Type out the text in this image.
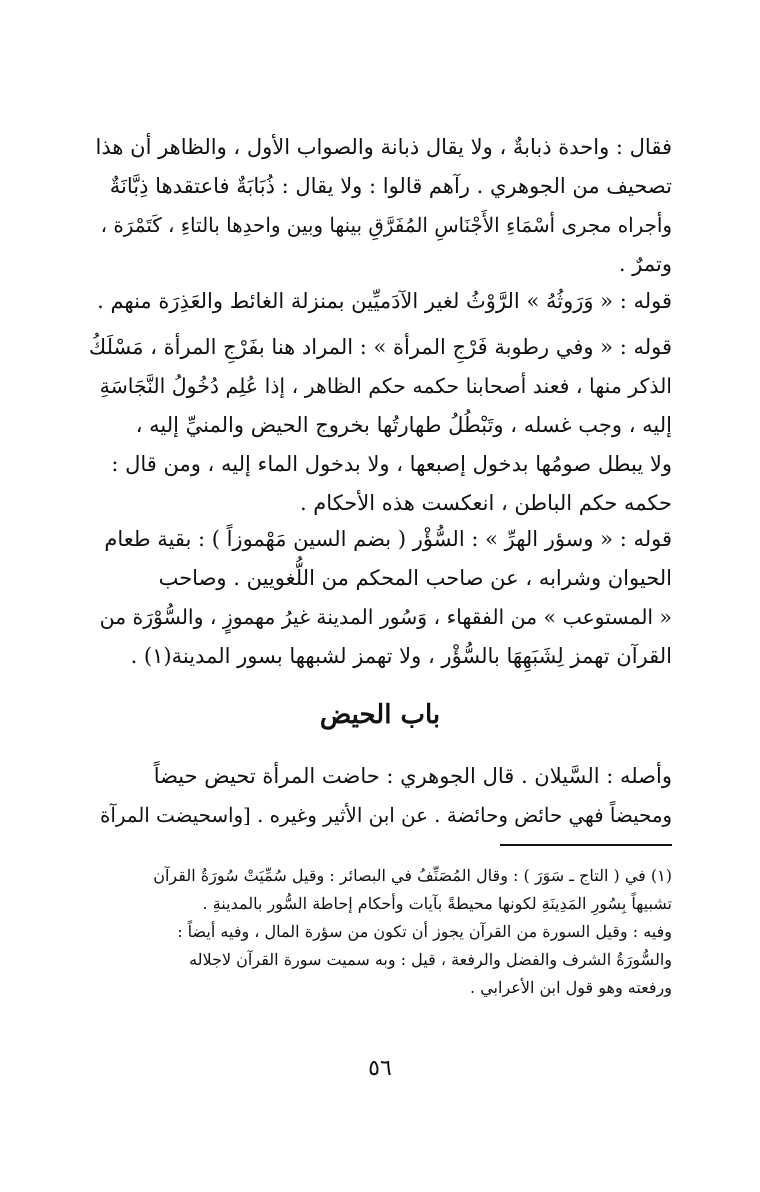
فقال : واحدة ذبابةٌ ، ولا يقال ذبانة والصواب الأول ، والظاهر أن هذا
تصحيف من الجوهري . رآهم قالوا : ولا يقال : ذُبَابَةٌ فاعتقدها ذِبَّانَةٌ
وأجراه مجرى أسْمَاءِ الأَجْنَاسِ المُفَرَّقِ بينها وبين واحدِها بالتاءِ ، كَتَمْرَة ،
وتمرٌ .
قوله : « وَرَوثُهُ » الرَّوْثُ لغير الآدَميِّين بمنزلة الغائط والعَذِرَة منهم .
قوله : « وفي رطوبة فَرْجِ المرأة » : المراد هنا بفَرْجِ المرأة ، مَسْلَكُ
الذكر منها ، فعند أصحابنا حكمه حكم الظاهر ، إذا عُلِم دُخُولُ النَّجَاسَةِ
إليه ، وجب غسله ، وتَبْطُلُ طهارتُها بخروج الحيض والمنيِّ إليه ،
ولا يبطل صومُها بدخول إصبعها ، ولا بدخول الماء إليه ، ومن قال :
حكمه حكم الباطن ، انعكست هذه الأحكام .
قوله : « وسؤر الهرِّ » : السُّؤْر ( بضم السين مَهْموزاً ) : بقية طعام
الحيوان وشرابه ، عن صاحب المحكم من اللُّغويين . وصاحب
« المستوعب » من الفقهاء ، وَسُور المدينة غيرُ مهموزٍ ، والسُّوْرَة من
القرآن تهمز لِشَبَهِهَا بالسُّؤْر ، ولا تهمز لشبهها بسور المدينة(١) .
باب الحيض
وأصله : السَّيلان . قال الجوهري : حاضت المرأة تحيض حيضاً
ومحيضاً فهي حائض وحائضة . عن ابن الأثير وغيره . [واسحيضت المرآة
(١) في ( التاج ـ سَوَرَ ) : وقال المُصَنِّفُ في البصائر : وقيل سُمِّيَتْ سُورَةُ القرآن
تشبيهاً بِسُورِ المَدِينَةِ لكونها محيطةً بآيات وأحكام إحاطة السُّور بالمدينةِ .
وفيه : وقيل السورة من القرآن يجوز أن تكون من سؤرة المال ، وفيه أيضاً :
والسُّورَةُ الشرف والفضل والرفعة ، قيل : وبه سميت سورة القرآن لاجلاله
ورفعته وهو قول ابن الأعرابي .
٥٦
